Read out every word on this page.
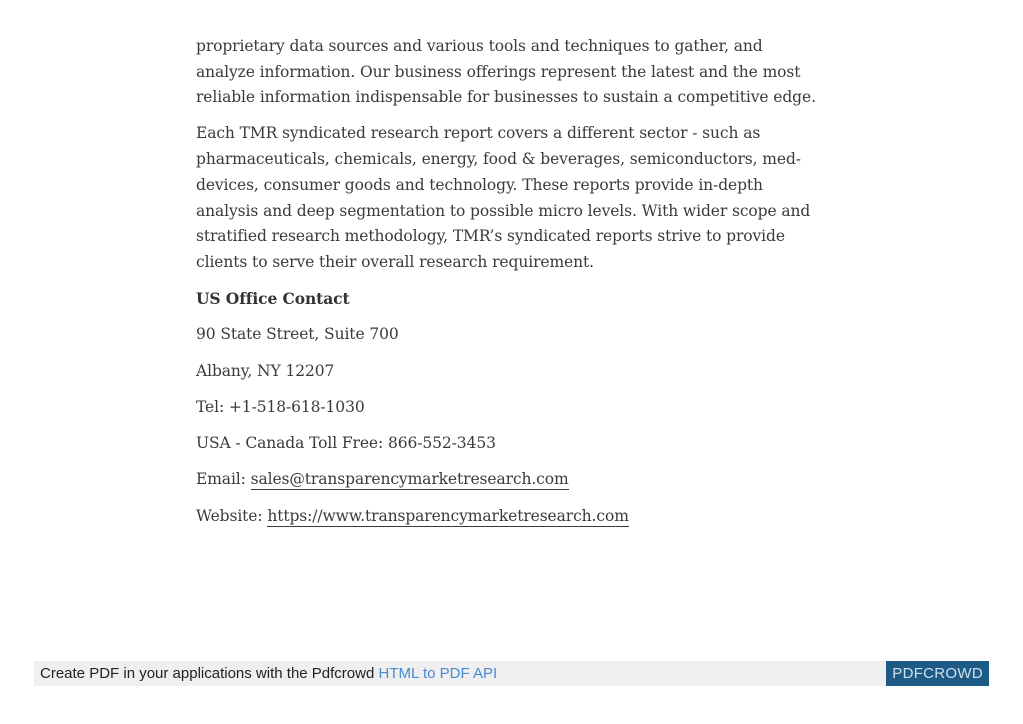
proprietary data sources and various tools and techniques to gather, and analyze information. Our business offerings represent the latest and the most reliable information indispensable for businesses to sustain a competitive edge.

Each TMR syndicated research report covers a different sector - such as pharmaceuticals, chemicals, energy, food & beverages, semiconductors, med-devices, consumer goods and technology. These reports provide in-depth analysis and deep segmentation to possible micro levels. With wider scope and stratified research methodology, TMR’s syndicated reports strive to provide clients to serve their overall research requirement.

US Office Contact

90 State Street, Suite 700

Albany, NY 12207

Tel: +1-518-618-1030

USA - Canada Toll Free: 866-552-3453

Email: sales@transparencymarketresearch.com

Website: https://www.transparencymarketresearch.com

Create PDF in your applications with the Pdfcrowd HTML to PDF API	PDFCROWD
